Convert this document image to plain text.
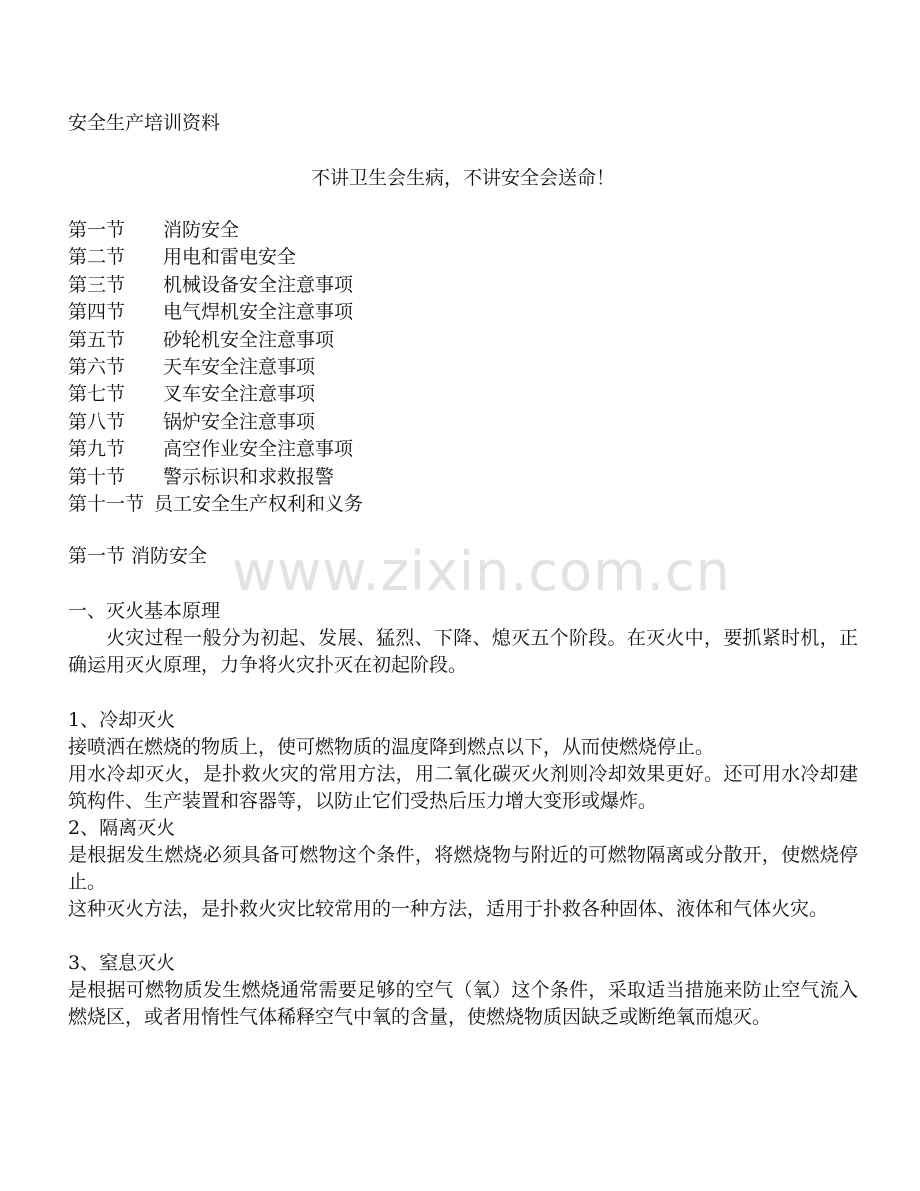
安全生产培训资料
不讲卫生会生病，不讲安全会送命！
第一节	消防安全
第二节	用电和雷电安全
第三节	机械设备安全注意事项
第四节	电气焊机安全注意事项
第五节	砂轮机安全注意事项
第六节	天车安全注意事项
第七节	叉车安全注意事项
第八节	锅炉安全注意事项
第九节	高空作业安全注意事项
第十节	警示标识和求救报警
第十一节 员工安全生产权利和义务
第一节 消防安全 www.zixin.com.cn
一、灭火基本原理

火灾过程一般分为初起、发展、猛烈、下降、熄灭五个阶段。在灭火中，要抓紧时机，正确运用灭火原理，力争将火灾扑灭在初起阶段。

1、冷却灭火

接喷洒在燃烧的物质上，使可燃物质的温度降到燃点以下，从而使燃烧停止。

用水冷却灭火，是扑救火灾的常用方法，用二氧化碳灭火剂则冷却效果更好。还可用水冷却建筑构件、生产装置和容器等，以防止它们受热后压力增大变形或爆炸。

2、隔离灭火

是根据发生燃烧必须具备可燃物这个条件，将燃烧物与附近的可燃物隔离或分散开，使燃烧停止。

这种灭火方法，是扑救火灾比较常用的一种方法，适用于扑救各种固体、液体和气体火灾。

3、窒息灭火

是根据可燃物质发生燃烧通常需要足够的空气（氧）这个条件，采取适当措施来防止空气流入燃烧区，或者用惰性气体稀释空气中氧的含量，使燃烧物质因缺乏或断绝氧而熄灭。
